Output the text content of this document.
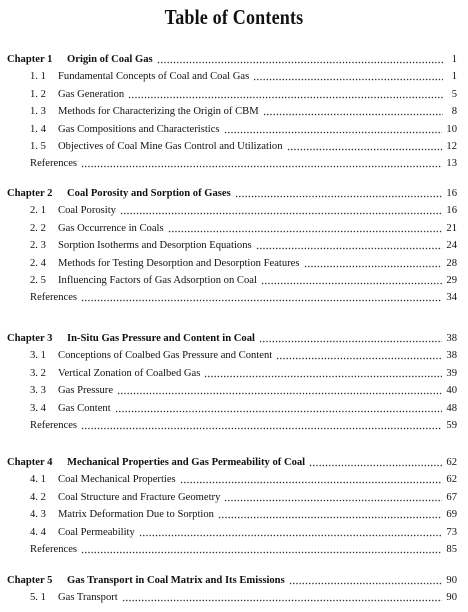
Table of Contents
Chapter 1 Origin of Coal Gas	1
1. 1 Fundamental Concepts of Coal and Coal Gas	1
1. 2 Gas Generation	5
1. 3 Methods for Characterizing the Origin of CBM	8
1. 4 Gas Compositions and Characteristics	10
1. 5 Objectives of Coal Mine Gas Control and Utilization	12
References	13
Chapter 2 Coal Porosity and Sorption of Gases	16
2. 1 Coal Porosity	16
2. 2 Gas Occurrence in Coals	21
2. 3 Sorption Isotherms and Desorption Equations	24
2. 4 Methods for Testing Desorption and Desorption Features	28
2. 5 Influencing Factors of Gas Adsorption on Coal	29
References	34
Chapter 3 In-Situ Gas Pressure and Content in Coal	38
3. 1 Conceptions of Coalbed Gas Pressure and Content	38
3. 2 Vertical Zonation of Coalbed Gas	39
3. 3 Gas Pressure	40
3. 4 Gas Content	48
References	59
Chapter 4 Mechanical Properties and Gas Permeability of Coal	62
4. 1 Coal Mechanical Properties	62
4. 2 Coal Structure and Fracture Geometry	67
4. 3 Matrix Deformation Due to Sorption	69
4. 4 Coal Permeability	73
References	85
Chapter 5 Gas Transport in Coal Matrix and Its Emissions	90
5. 1 Gas Transport	90
